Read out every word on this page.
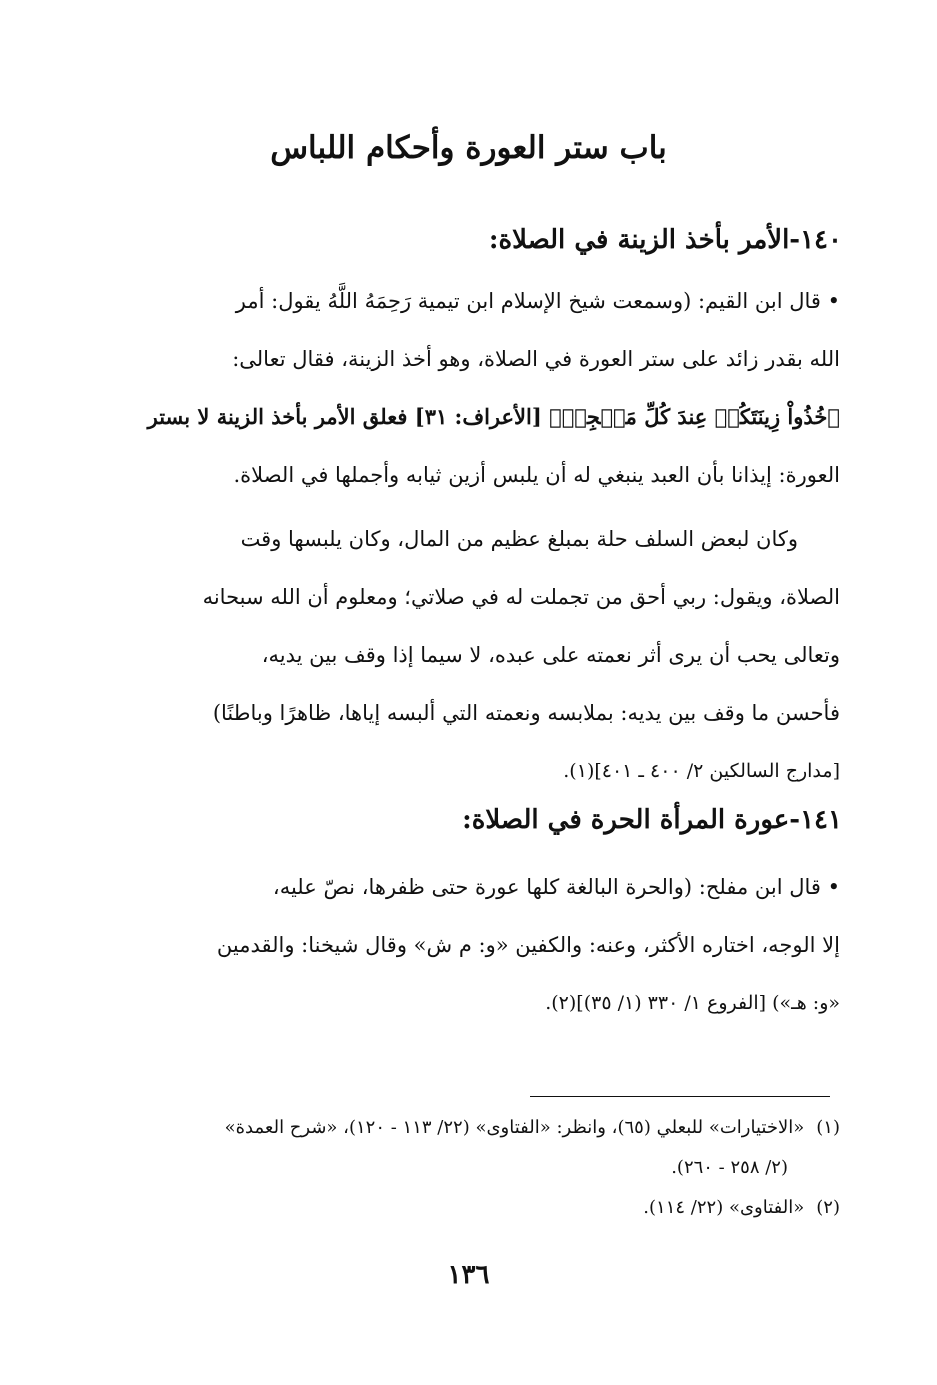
باب ستر العورة وأحكام اللباس
١٤٠-الأمر بأخذ الزينة في الصلاة:
• قال ابن القيم: (وسمعت شيخ الإسلام ابن تيمية رَحِمَهُ اللَّهُ يقول: أمر
الله بقدر زائد على ستر العورة في الصلاة، وهو أخذ الزينة، فقال تعالى:
﴿خُذُواْ زِينَتَكُمۡ عِندَ كُلِّ مَسۡجِدٖ﴾ [الأعراف: ٣١] فعلق الأمر بأخذ الزينة لا بستر
العورة: إيذانا بأن العبد ينبغي له أن يلبس أزين ثيابه وأجملها في الصلاة.
وكان لبعض السلف حلة بمبلغ عظيم من المال، وكان يلبسها وقت
الصلاة، ويقول: ربي أحق من تجملت له في صلاتي؛ ومعلوم أن الله سبحانه
وتعالى يحب أن يرى أثر نعمته على عبده، لا سيما إذا وقف بين يديه،
فأحسن ما وقف بين يديه: بملابسه ونعمته التي ألبسه إياها، ظاهرًا وباطنًا)
[مدارج السالكين ٢/ ٤٠٠ ـ ٤٠١](١).
١٤١-عورة المرأة الحرة في الصلاة:
• قال ابن مفلح: (والحرة البالغة كلها عورة حتى ظفرها، نصّ عليه،
إلا الوجه، اختاره الأكثر، وعنه: والكفين «و: م ش» وقال شيخنا: والقدمين
«و: هـ») [الفروع ١/ ٣٣٠ (١/ ٣٥)](٢).
(١)«الاختيارات» للبعلي (٦٥)، وانظر: «الفتاوى» (٢٢/ ١١٣ - ١٢٠)، «شرح العمدة»
(٢/ ٢٥٨ - ٢٦٠).
(٢)«الفتاوى» (٢٢/ ١١٤).
١٣٦
